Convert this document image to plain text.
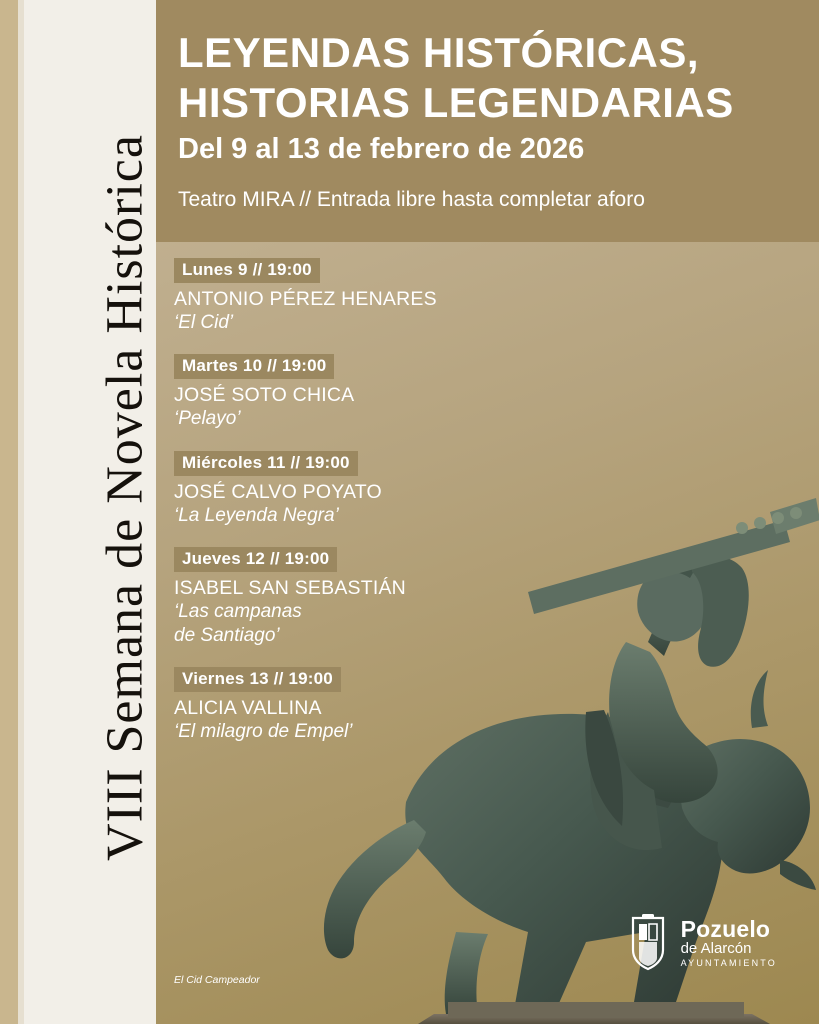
LEYENDAS HISTÓRICAS,
HISTORIAS LEGENDARIAS
Del 9 al 13 de febrero de 2026
Teatro MIRA // Entrada libre hasta completar aforo
VIII Semana de Novela Histórica	Lunes 9 // 19:00
ANTONIO PÉREZ HENARES
‘El Cid’
Martes 10 // 19:00
JOSÉ SOTO CHICA
‘Pelayo’
Miércoles 11 // 19:00
JOSÉ CALVO POYATO
‘La Leyenda Negra’
Jueves 12 // 19:00
ISABEL SAN SEBASTIÁN
‘Las campanas
de Santiago’
Viernes 13 // 19:00
ALICIA VALLINA
‘El milagro de Empel’
El Cid Campeador
Pozuelo
de Alarcón
AYUNTAMIENTO
